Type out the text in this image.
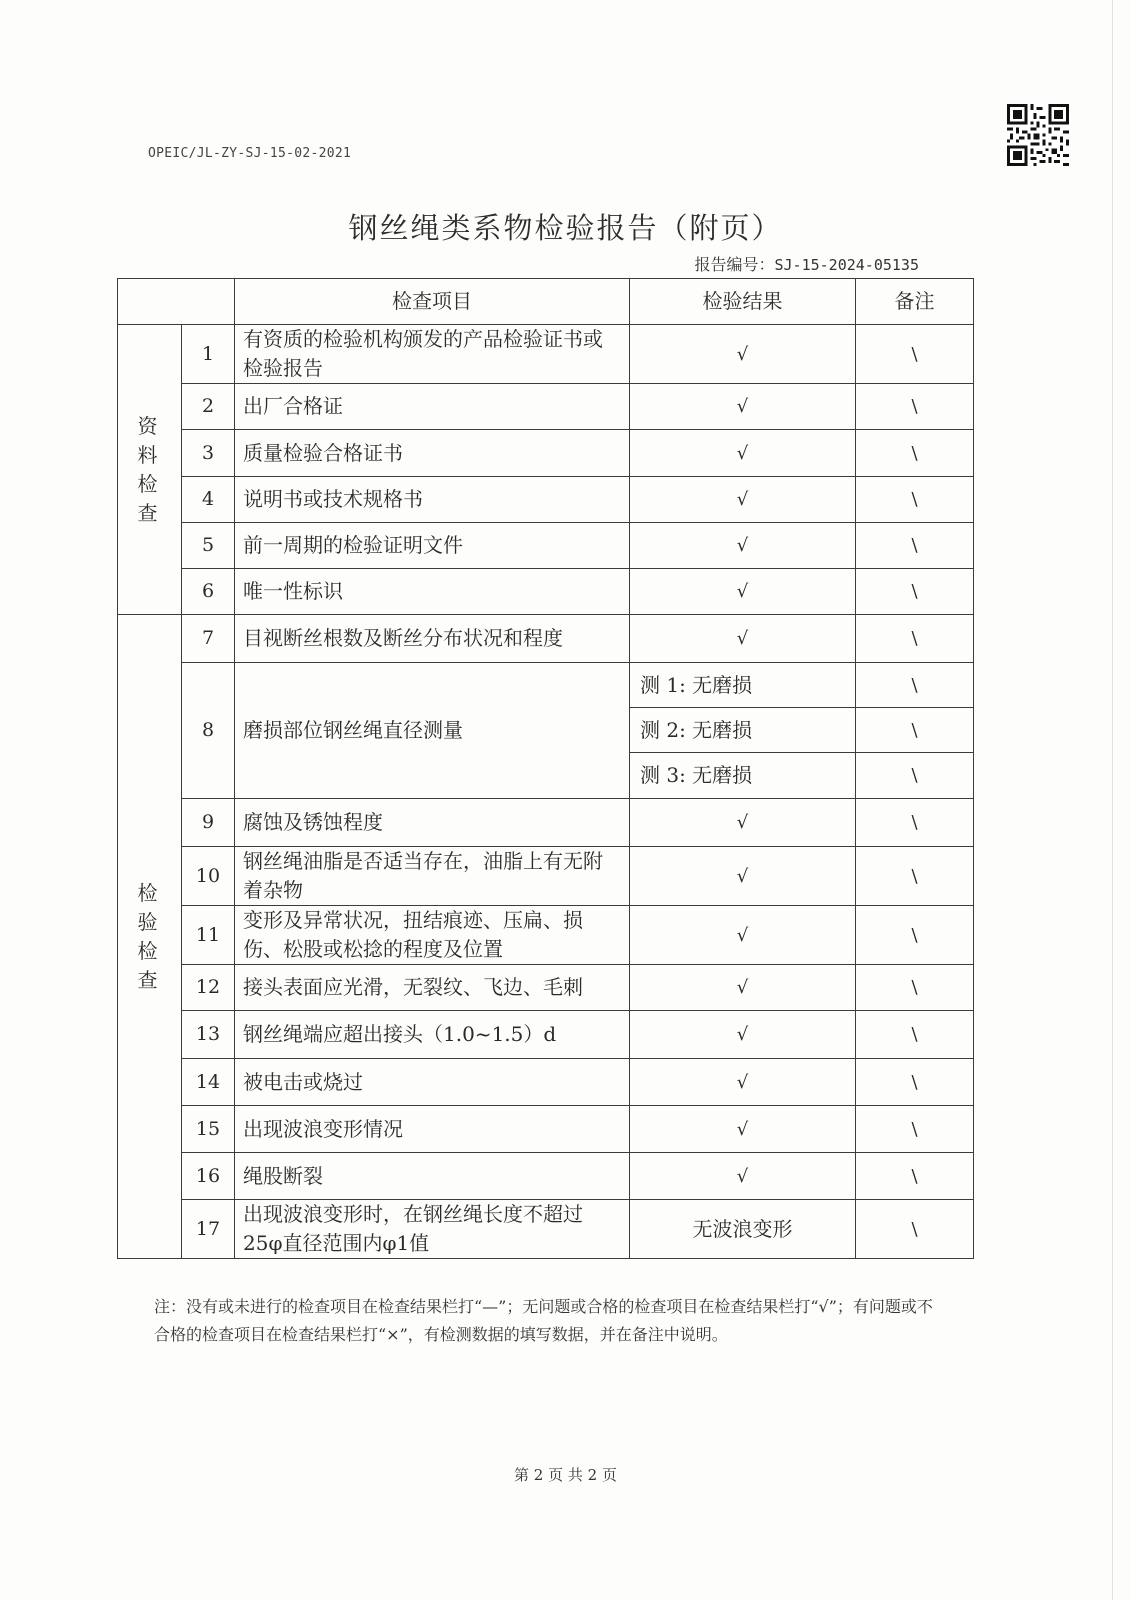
OPEIC/JL-ZY-SJ-15-02-2021
钢丝绳类系物检验报告（附页）
报告编号：SJ-15-2024-05135
		检查项目	检验结果	备注
资料检查	1	有资质的检验机构颁发的产品检验证书或检验报告	√	\
	2	出厂合格证	√	\
	3	质量检验合格证书	√	\
	4	说明书或技术规格书	√	\
	5	前一周期的检验证明文件	√	\
	6	唯一性标识	√	\
检验检查	7	目视断丝根数及断丝分布状况和程度	√	\
	8	磨损部位钢丝绳直径测量	测 1: 无磨损	\
			测 2: 无磨损	\
			测 3: 无磨损	\
	9	腐蚀及锈蚀程度	√	\
	10	钢丝绳油脂是否适当存在，油脂上有无附着杂物	√	\
	11	变形及异常状况，扭结痕迹、压扁、损伤、松股或松捻的程度及位置	√	\
	12	接头表面应光滑，无裂纹、飞边、毛刺	√	\
	13	钢丝绳端应超出接头（1.0~1.5）d	√	\
	14	被电击或烧过	√	\
	15	出现波浪变形情况	√	\
	16	绳股断裂	√	\
	17	出现波浪变形时，在钢丝绳长度不超过25φ直径范围内φ1值	无波浪变形	\
注：没有或未进行的检查项目在检查结果栏打“—”；无问题或合格的检查项目在检查结果栏打“√”；有问题或不合格的检查项目在检查结果栏打“×”，有检测数据的填写数据，并在备注中说明。
第 2 页 共 2 页
